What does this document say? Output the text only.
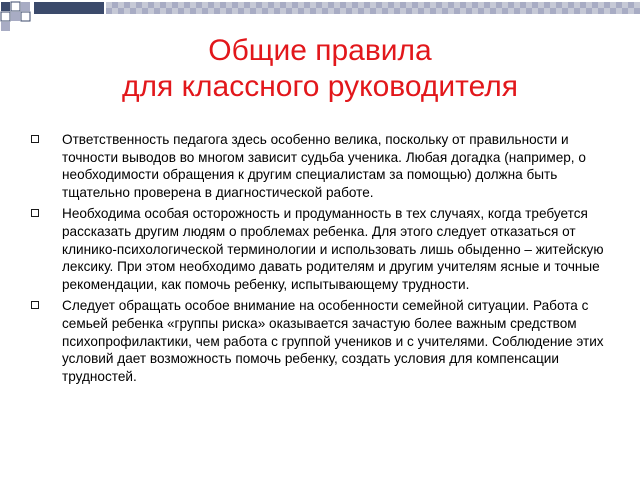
Общие правила
для классного руководителя
Ответственность педагога здесь особенно велика, поскольку от правильности и точности выводов во многом зависит судьба ученика. Любая догадка (например, о необходимости обращения к другим специалистам за помощью) должна быть тщательно проверена в диагностической работе.
Необходима особая осторожность и продуманность в тех случаях, когда требуется рассказать другим людям о проблемах ребенка. Для этого следует отказаться от клинико-психологической терминологии и использовать лишь обыденно – житейскую лексику. При этом необходимо давать родителям и другим учителям ясные и точные рекомендации, как помочь ребенку, испытывающему трудности.
Следует обращать особое внимание на особенности семейной ситуации. Работа с семьей ребенка «группы риска» оказывается зачастую более важным средством психопрофилактики, чем работа с группой учеников и с учителями. Соблюдение этих условий дает возможность помочь ребенку, создать условия для компенсации трудностей.
